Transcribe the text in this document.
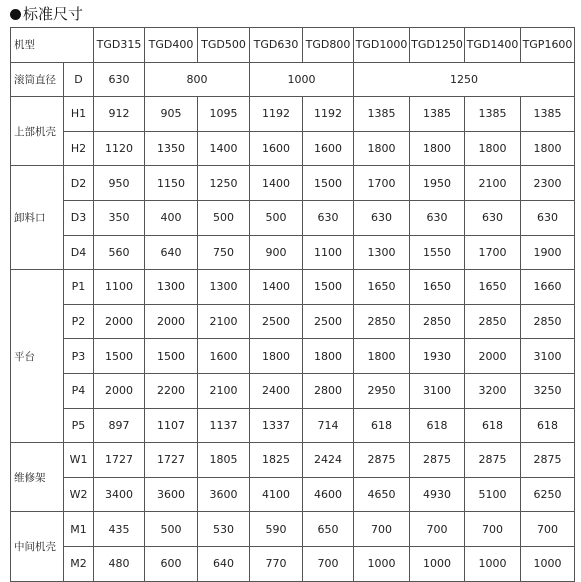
标准尺寸
机型		TGD315	TGD400	TGD500	TGD630	TGD800	TGD1000	TGD1250	TGD1400	TGP1600
滚筒直径	D	630	800		1000		1250			
上部机壳	H1	912	905	1095	1192	1192	1385	1385	1385	1385
	H2	1120	1350	1400	1600	1600	1800	1800	1800	1800
卸料口	D2	950	1150	1250	1400	1500	1700	1950	2100	2300
	D3	350	400	500	500	630	630	630	630	630
	D4	560	640	750	900	1100	1300	1550	1700	1900
平台	P1	1100	1300	1300	1400	1500	1650	1650	1650	1660
	P2	2000	2000	2100	2500	2500	2850	2850	2850	2850
	P3	1500	1500	1600	1800	1800	1800	1930	2000	3100
	P4	2000	2200	2100	2400	2800	2950	3100	3200	3250
	P5	897	1107	1137	1337	714	618	618	618	618
维修架	W1	1727	1727	1805	1825	2424	2875	2875	2875	2875
	W2	3400	3600	3600	4100	4600	4650	4930	5100	6250
中间机壳	M1	435	500	530	590	650	700	700	700	700
	M2	480	600	640	770	700	1000	1000	1000	1000
